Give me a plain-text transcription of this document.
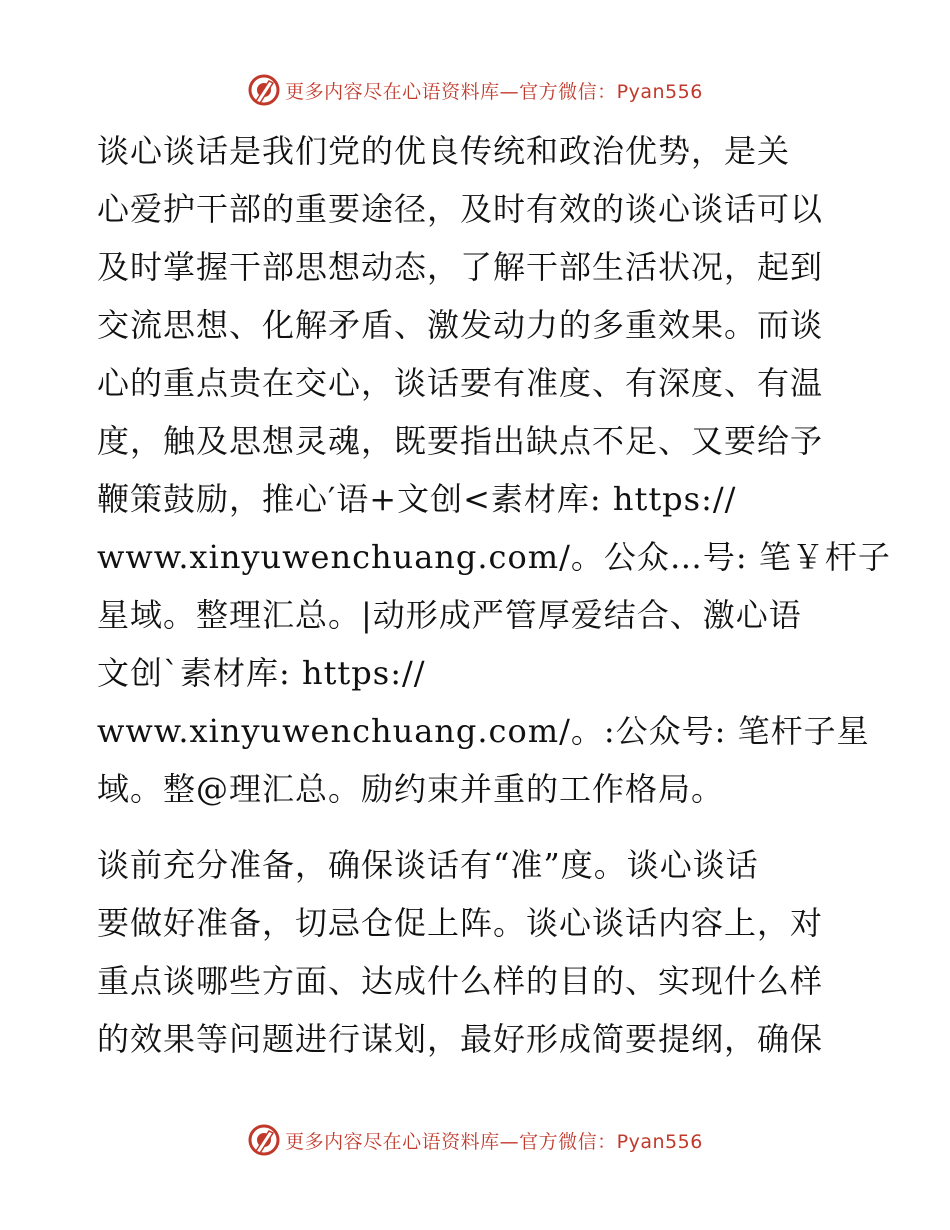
更多内容尽在心语资料库—官方微信：Pyan556
谈心谈话是我们党的优良传统和政治优势，是关
心爱护干部的重要途径，及时有效的谈心谈话可以
及时掌握干部思想动态，了解干部生活状况，起到
交流思想、化解矛盾、激发动力的多重效果。而谈
心的重点贵在交心，谈话要有准度、有深度、有温
度，触及思想灵魂，既要指出缺点不足、又要给予
鞭策鼓励，推心′语+文创<素材库: https://
www.xinyuwenchuang.com/。公众…号: 笔￥杆子
星域。整理汇总。|动形成严管厚爱结合、激心语
文创`素材库: https://
www.xinyuwenchuang.com/。:公众号: 笔杆子星
域。整@理汇总。励约束并重的工作格局。
谈前充分准备，确保谈话有“准”度。谈心谈话
要做好准备，切忌仓促上阵。谈心谈话内容上，对
重点谈哪些方面、达成什么样的目的、实现什么样
的效果等问题进行谋划，最好形成简要提纲，确保
更多内容尽在心语资料库—官方微信：Pyan556
